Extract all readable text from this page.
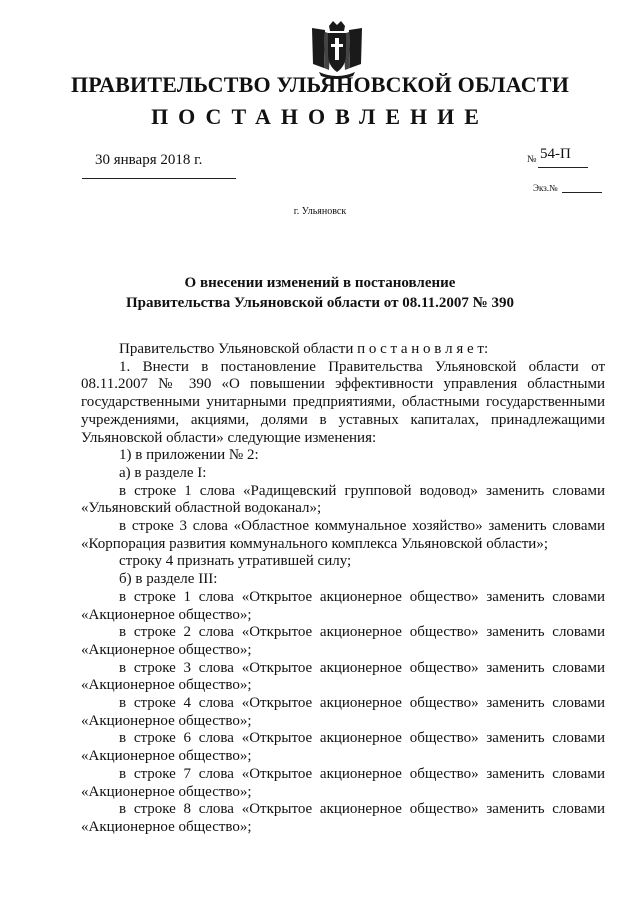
ПРАВИТЕЛЬСТВО УЛЬЯНОВСКОЙ ОБЛАСТИ
ПОСТАНОВЛЕНИЕ
30 января 2018 г.	№ 54-П
Экз.№
г. Ульяновск
О внесении изменений в постановление
Правительства Ульяновской области от 08.11.2007 № 390

Правительство Ульяновской области п о с т а н о в л я е т:

1. Внести в постановление Правительства Ульяновской области от 08.11.2007 № 390 «О повышении эффективности управления областными государственными унитарными предприятиями, областными государственными учреждениями, акциями, долями в уставных капиталах, принадлежащими Ульяновской области» следующие изменения:

1) в приложении № 2:

а) в разделе I:

в строке 1 слова «Радищевский групповой водовод» заменить словами «Ульяновский областной водоканал»;

в строке 3 слова «Областное коммунальное хозяйство» заменить словами «Корпорация развития коммунального комплекса Ульяновской области»;

строку 4 признать утратившей силу;

б) в разделе III:

в строке 1 слова «Открытое акционерное общество» заменить словами «Акционерное общество»;

в строке 2 слова «Открытое акционерное общество» заменить словами «Акционерное общество»;

в строке 3 слова «Открытое акционерное общество» заменить словами «Акционерное общество»;

в строке 4 слова «Открытое акционерное общество» заменить словами «Акционерное общество»;

в строке 6 слова «Открытое акционерное общество» заменить словами «Акционерное общество»;

в строке 7 слова «Открытое акционерное общество» заменить словами «Акционерное общество»;

в строке 8 слова «Открытое акционерное общество» заменить словами «Акционерное общество»;
